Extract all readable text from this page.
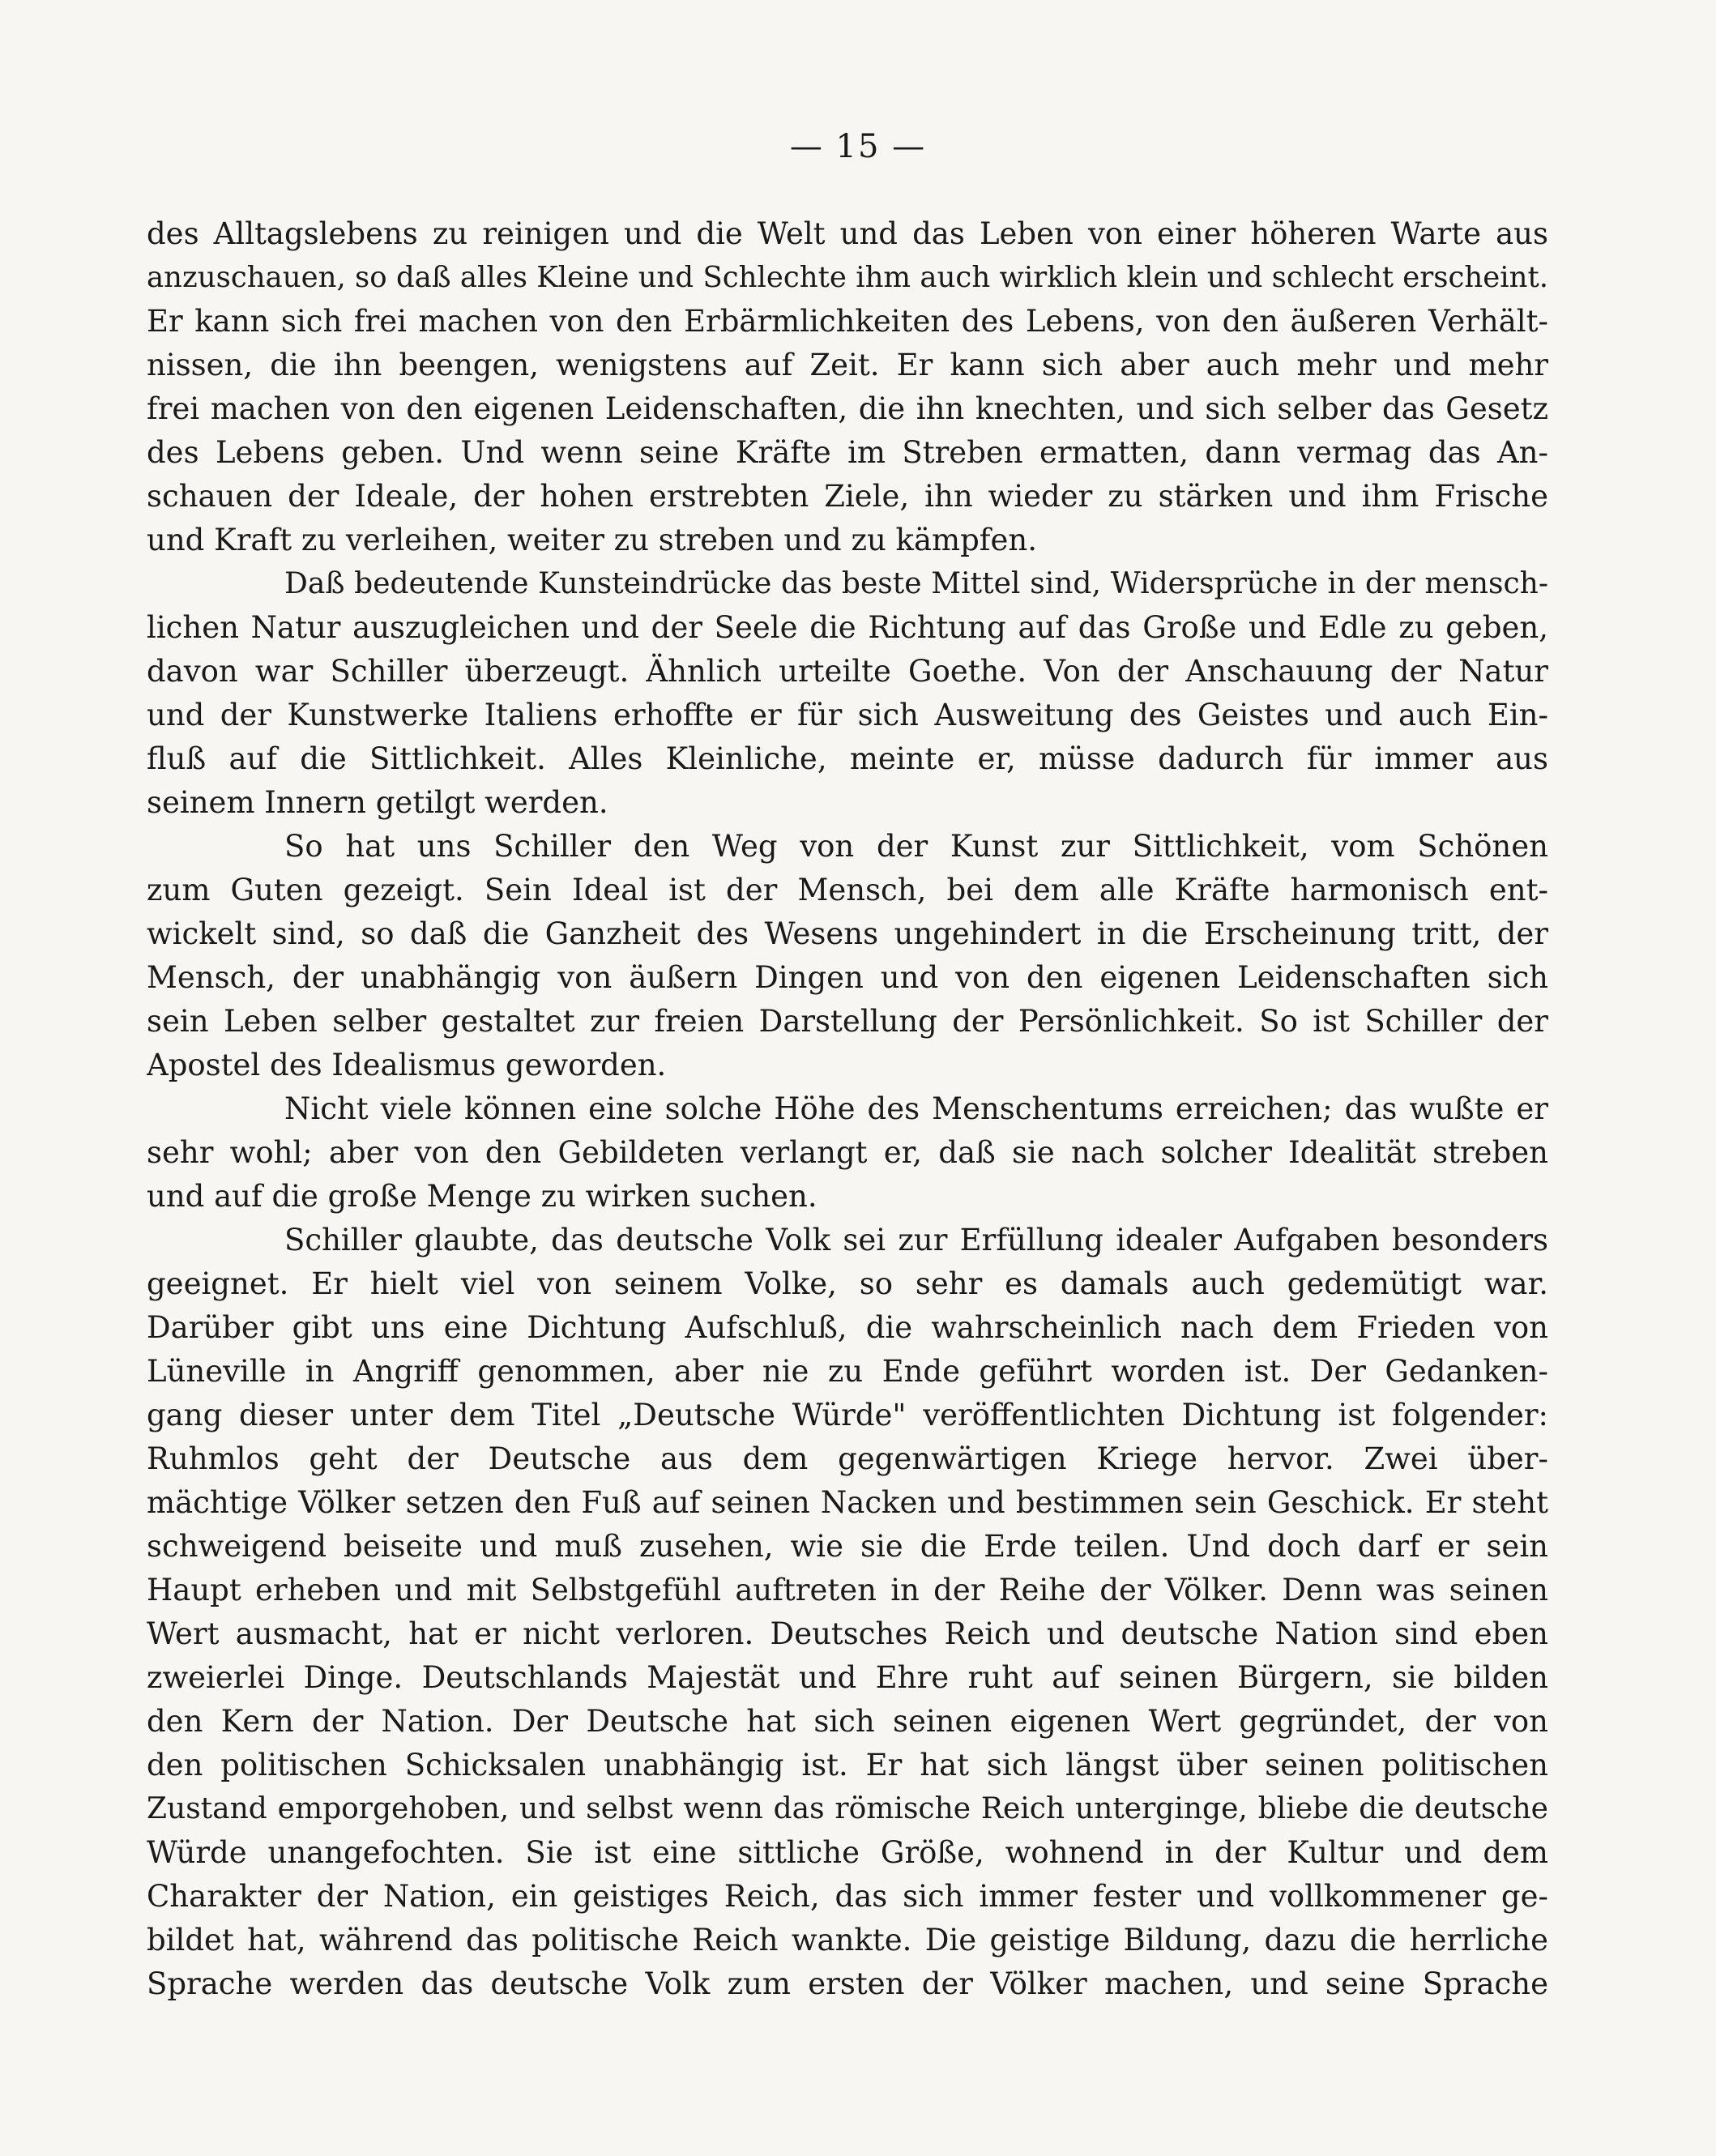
— 15 —
des Alltagslebens zu reinigen und die Welt und das Leben von einer höheren Warte aus
anzuschauen, so daß alles Kleine und Schlechte ihm auch wirklich klein und schlecht erscheint.
Er kann sich frei machen von den Erbärmlichkeiten des Lebens, von den äußeren Verhält-
nissen, die ihn beengen, wenigstens auf Zeit. Er kann sich aber auch mehr und mehr
frei machen von den eigenen Leidenschaften, die ihn knechten, und sich selber das Gesetz
des Lebens geben. Und wenn seine Kräfte im Streben ermatten, dann vermag das An-
schauen der Ideale, der hohen erstrebten Ziele, ihn wieder zu stärken und ihm Frische
und Kraft zu verleihen, weiter zu streben und zu kämpfen.
Daß bedeutende Kunsteindrücke das beste Mittel sind, Widersprüche in der mensch-
lichen Natur auszugleichen und der Seele die Richtung auf das Große und Edle zu geben,
davon war Schiller überzeugt. Ähnlich urteilte Goethe. Von der Anschauung der Natur
und der Kunstwerke Italiens erhoffte er für sich Ausweitung des Geistes und auch Ein-
fluß auf die Sittlichkeit. Alles Kleinliche, meinte er, müsse dadurch für immer aus
seinem Innern getilgt werden.
So hat uns Schiller den Weg von der Kunst zur Sittlichkeit, vom Schönen
zum Guten gezeigt. Sein Ideal ist der Mensch, bei dem alle Kräfte harmonisch ent-
wickelt sind, so daß die Ganzheit des Wesens ungehindert in die Erscheinung tritt, der
Mensch, der unabhängig von äußern Dingen und von den eigenen Leidenschaften sich
sein Leben selber gestaltet zur freien Darstellung der Persönlichkeit. So ist Schiller der
Apostel des Idealismus geworden.
Nicht viele können eine solche Höhe des Menschentums erreichen; das wußte er
sehr wohl; aber von den Gebildeten verlangt er, daß sie nach solcher Idealität streben
und auf die große Menge zu wirken suchen.
Schiller glaubte, das deutsche Volk sei zur Erfüllung idealer Aufgaben besonders
geeignet. Er hielt viel von seinem Volke, so sehr es damals auch gedemütigt war.
Darüber gibt uns eine Dichtung Aufschluß, die wahrscheinlich nach dem Frieden von
Lüneville in Angriff genommen, aber nie zu Ende geführt worden ist. Der Gedanken-
gang dieser unter dem Titel „Deutsche Würde" veröffentlichten Dichtung ist folgender:
Ruhmlos geht der Deutsche aus dem gegenwärtigen Kriege hervor. Zwei über-
mächtige Völker setzen den Fuß auf seinen Nacken und bestimmen sein Geschick. Er steht
schweigend beiseite und muß zusehen, wie sie die Erde teilen. Und doch darf er sein
Haupt erheben und mit Selbstgefühl auftreten in der Reihe der Völker. Denn was seinen
Wert ausmacht, hat er nicht verloren. Deutsches Reich und deutsche Nation sind eben
zweierlei Dinge. Deutschlands Majestät und Ehre ruht auf seinen Bürgern, sie bilden
den Kern der Nation. Der Deutsche hat sich seinen eigenen Wert gegründet, der von
den politischen Schicksalen unabhängig ist. Er hat sich längst über seinen politischen
Zustand emporgehoben, und selbst wenn das römische Reich unterginge, bliebe die deutsche
Würde unangefochten. Sie ist eine sittliche Größe, wohnend in der Kultur und dem
Charakter der Nation, ein geistiges Reich, das sich immer fester und vollkommener ge-
bildet hat, während das politische Reich wankte. Die geistige Bildung, dazu die herrliche
Sprache werden das deutsche Volk zum ersten der Völker machen, und seine Sprache
